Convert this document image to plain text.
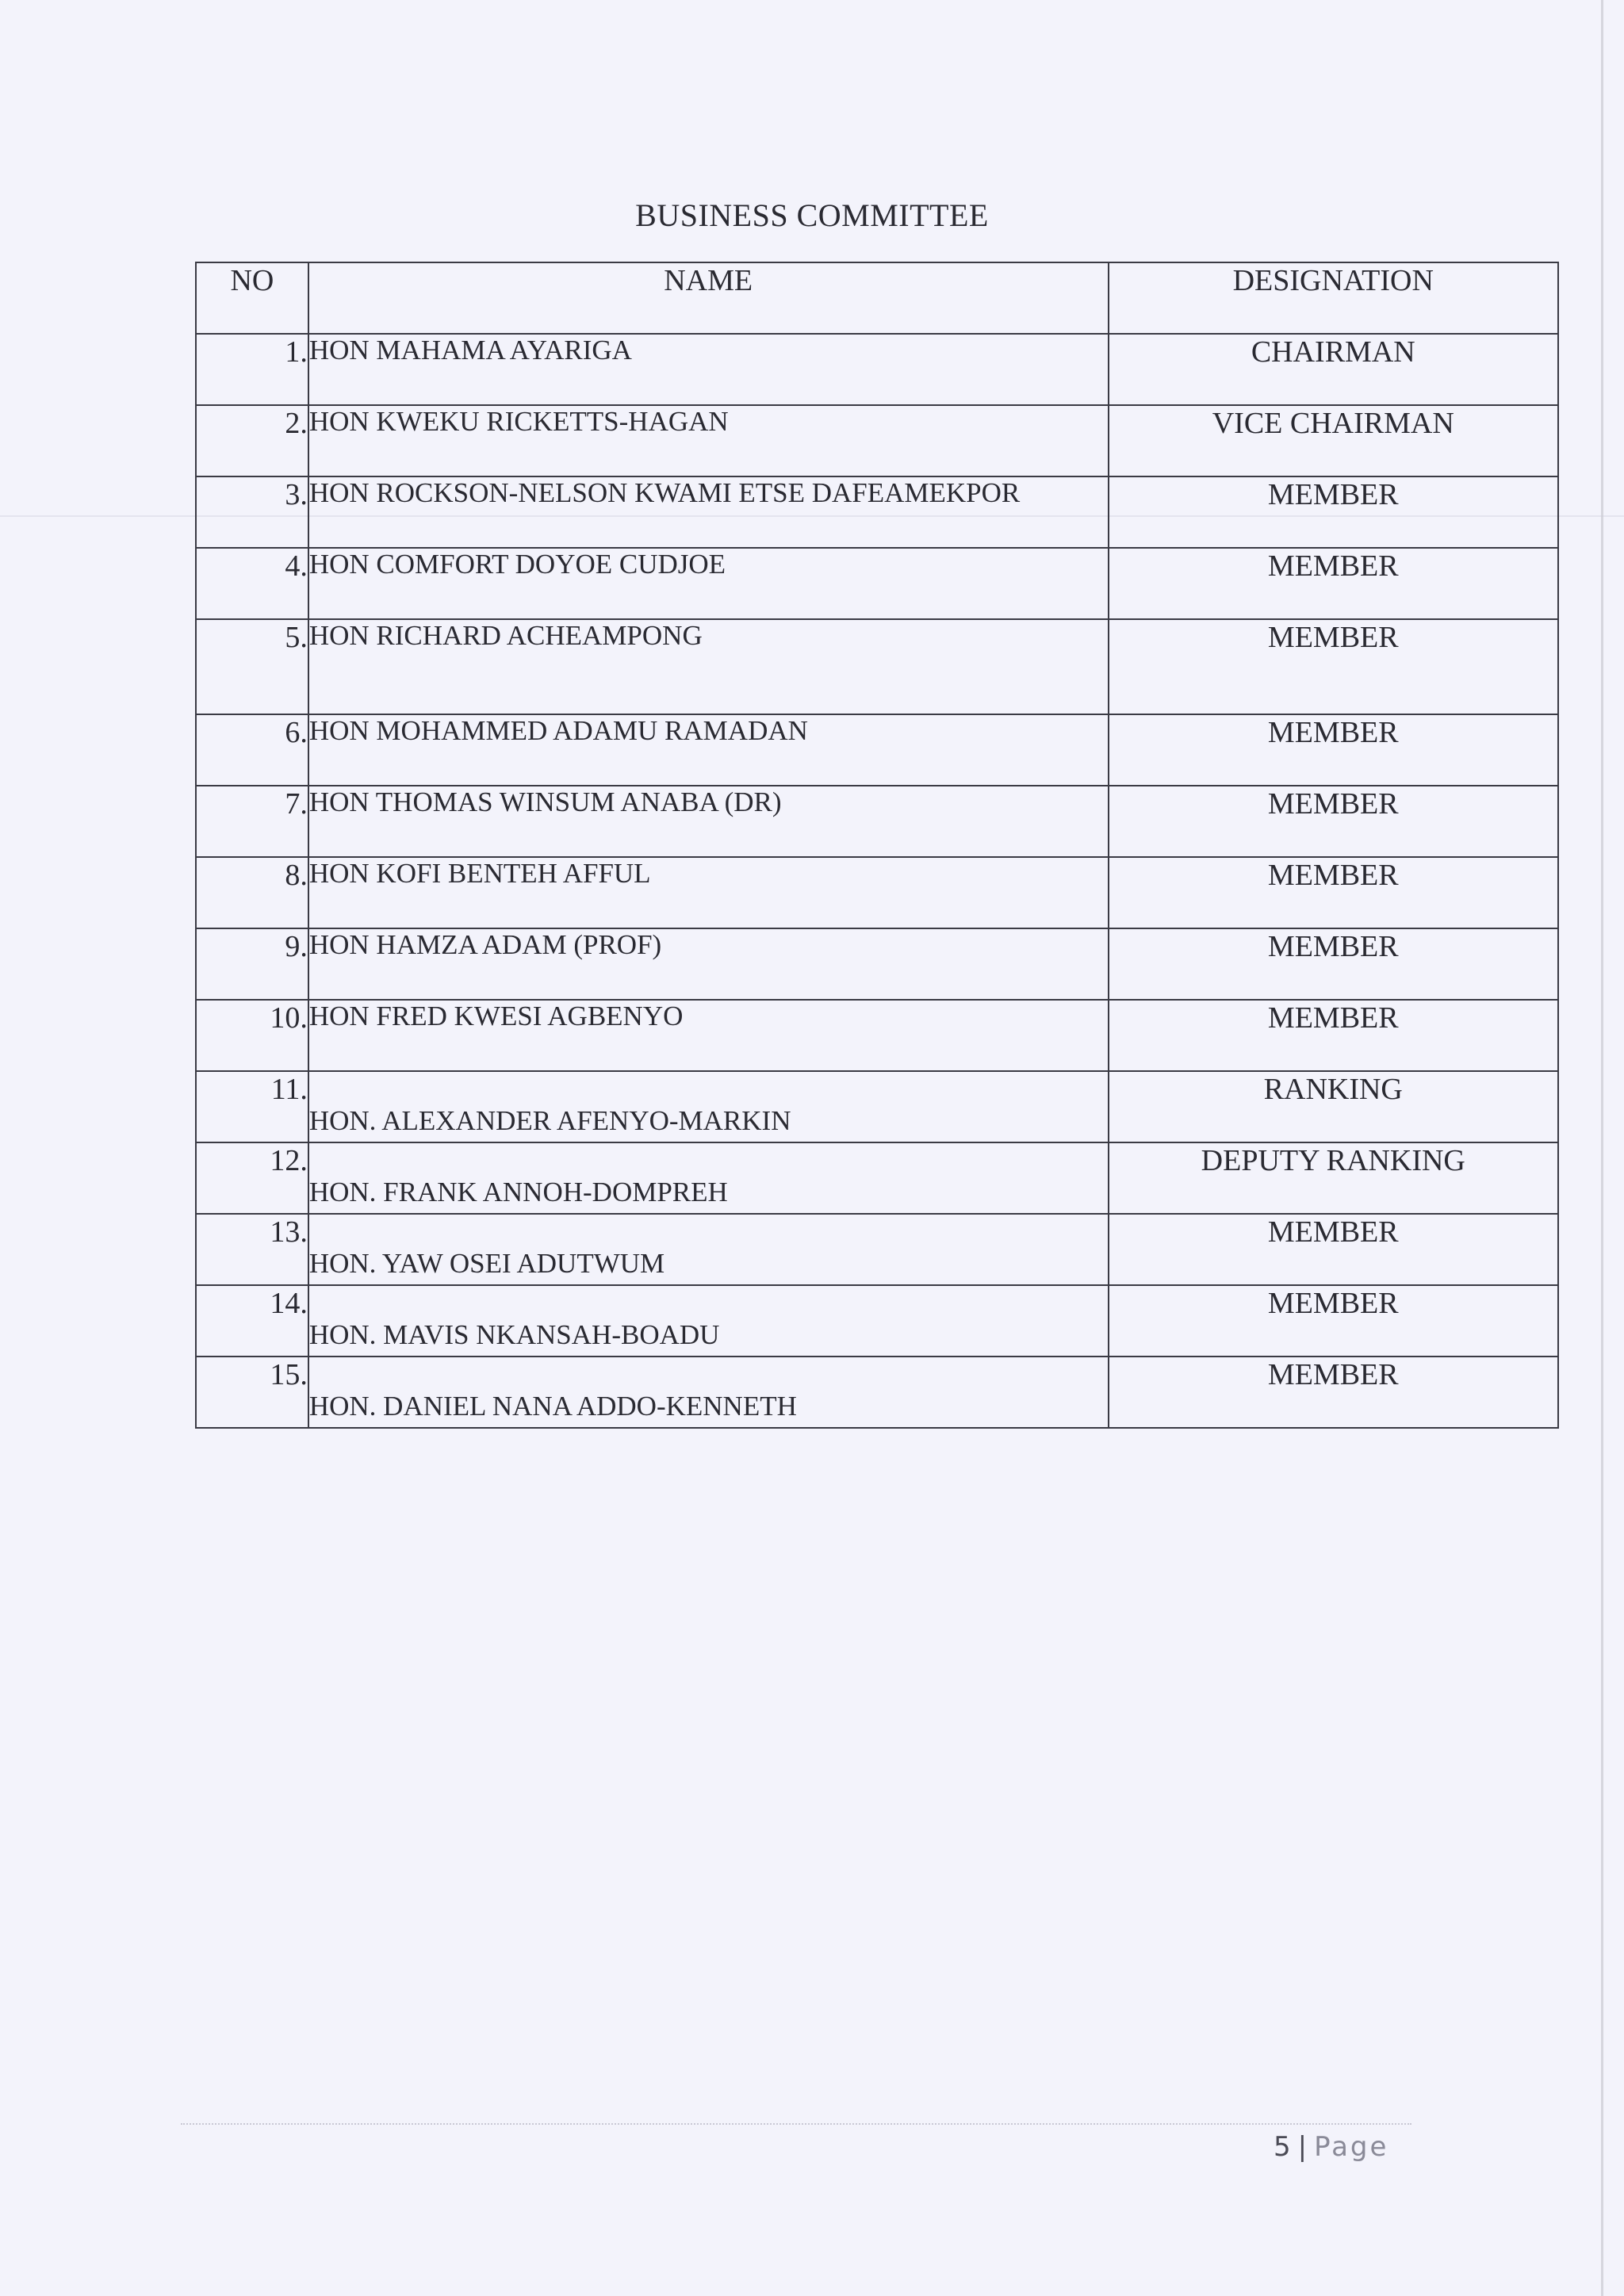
BUSINESS COMMITTEE
NO	NAME	DESIGNATION
1.	HON MAHAMA AYARIGA	CHAIRMAN
2.	HON KWEKU RICKETTS-HAGAN	VICE CHAIRMAN
3.	HON ROCKSON-NELSON KWAMI ETSE DAFEAMEKPOR	MEMBER
4.	HON COMFORT DOYOE CUDJOE	MEMBER
5.	HON RICHARD ACHEAMPONG	MEMBER
6.	HON MOHAMMED ADAMU RAMADAN	MEMBER
7.	HON THOMAS WINSUM ANABA (DR)	MEMBER
8.	HON KOFI BENTEH AFFUL	MEMBER
9.	HON HAMZA ADAM (PROF)	MEMBER
10.	HON FRED KWESI AGBENYO	MEMBER
11.	HON. ALEXANDER AFENYO-MARKIN	RANKING
12.	HON. FRANK ANNOH-DOMPREH	DEPUTY RANKING
13.	HON. YAW OSEI ADUTWUM	MEMBER
14.	HON. MAVIS NKANSAH-BOADU	MEMBER
15.	HON. DANIEL NANA ADDO-KENNETH	MEMBER
5 | Page
